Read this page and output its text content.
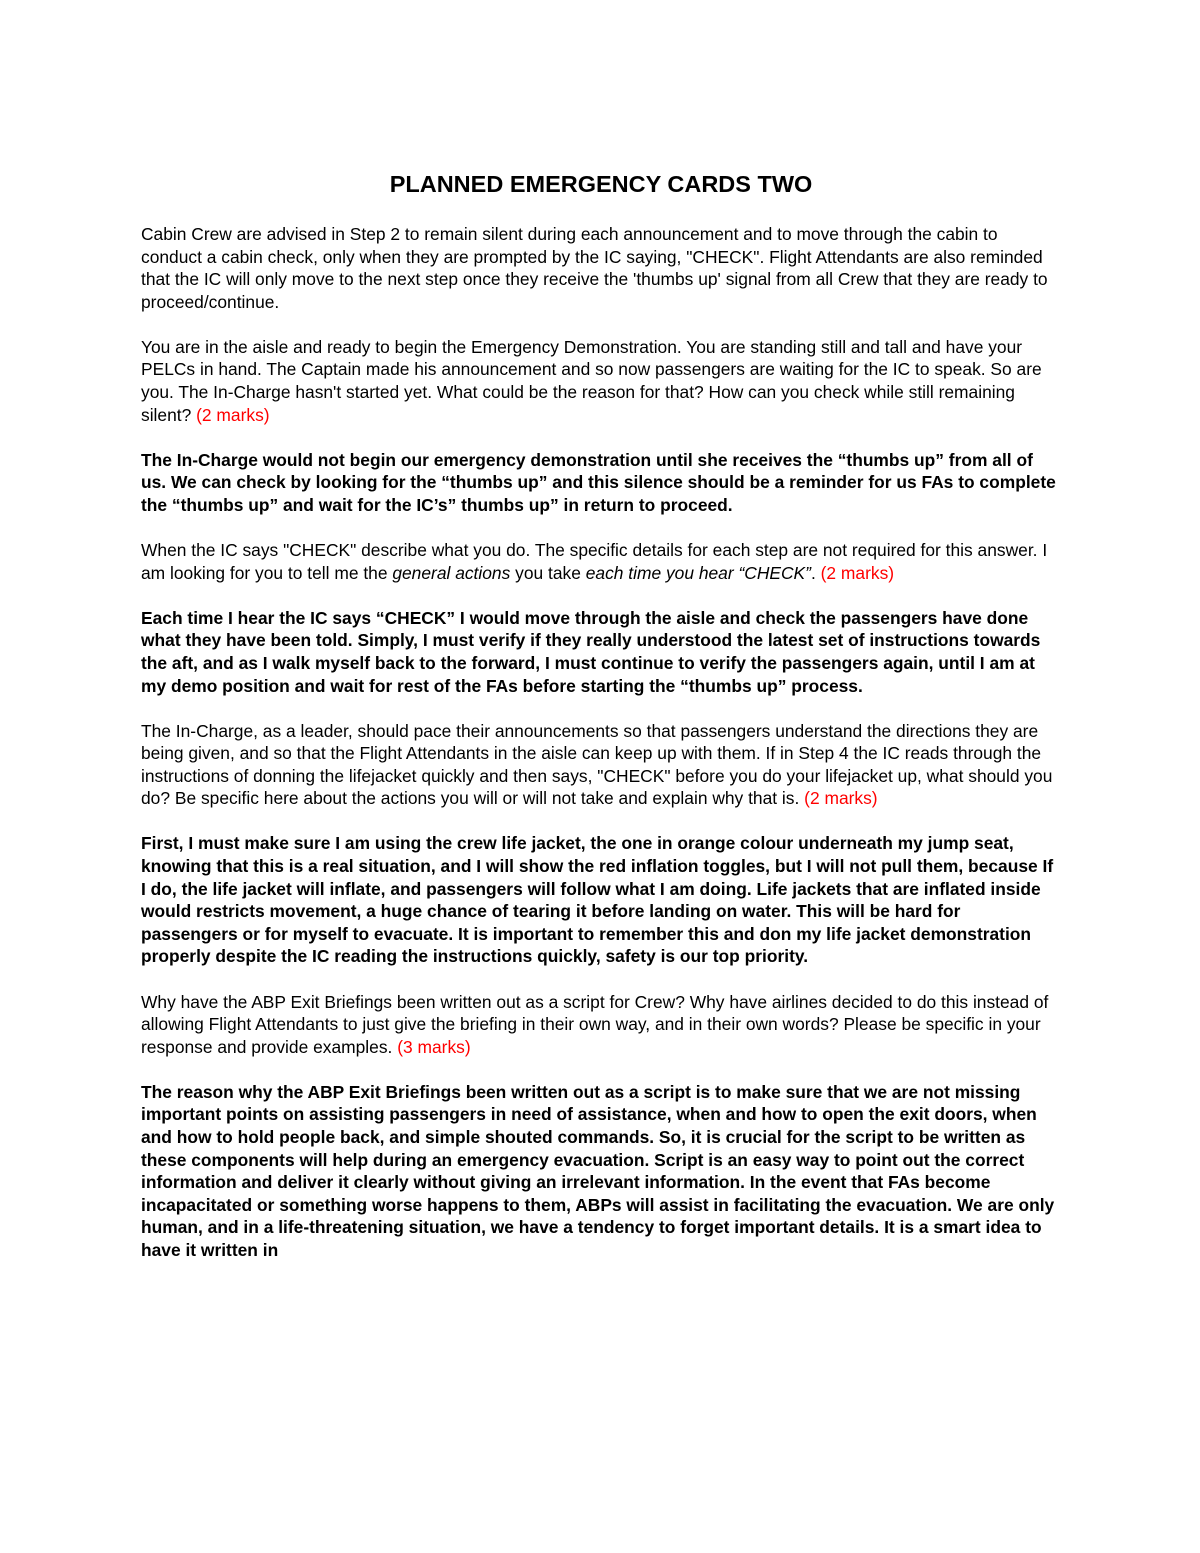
PLANNED EMERGENCY CARDS TWO

Cabin Crew are advised in Step 2 to remain silent during each announcement and to move through the cabin to conduct a cabin check, only when they are prompted by the IC saying, "CHECK". Flight Attendants are also reminded that the IC will only move to the next step once they receive the 'thumbs up' signal from all Crew that they are ready to proceed/continue.

You are in the aisle and ready to begin the Emergency Demonstration. You are standing still and tall and have your PELCs in hand. The Captain made his announcement and so now passengers are waiting for the IC to speak. So are you. The In-Charge hasn't started yet. What could be the reason for that? How can you check while still remaining silent? (2 marks)

The In-Charge would not begin our emergency demonstration until she receives the “thumbs up” from all of us. We can check by looking for the “thumbs up” and this silence should be a reminder for us FAs to complete the “thumbs up” and wait for the IC’s” thumbs up” in return to proceed.

When the IC says "CHECK" describe what you do. The specific details for each step are not required for this answer. I am looking for you to tell me the general actions you take each time you hear “CHECK”. (2 marks)

Each time I hear the IC says “CHECK” I would move through the aisle and check the passengers have done what they have been told. Simply, I must verify if they really understood the latest set of instructions towards the aft, and as I walk myself back to the forward, I must continue to verify the passengers again, until I am at my demo position and wait for rest of the FAs before starting the “thumbs up” process.

The In-Charge, as a leader, should pace their announcements so that passengers understand the directions they are being given, and so that the Flight Attendants in the aisle can keep up with them. If in Step 4 the IC reads through the instructions of donning the lifejacket quickly and then says, "CHECK" before you do your lifejacket up, what should you do? Be specific here about the actions you will or will not take and explain why that is. (2 marks)

First, I must make sure I am using the crew life jacket, the one in orange colour underneath my jump seat, knowing that this is a real situation, and I will show the red inflation toggles, but I will not pull them, because If I do, the life jacket will inflate, and passengers will follow what I am doing. Life jackets that are inflated inside would restricts movement, a huge chance of tearing it before landing on water. This will be hard for passengers or for myself to evacuate. It is important to remember this and don my life jacket demonstration properly despite the IC reading the instructions quickly, safety is our top priority.

Why have the ABP Exit Briefings been written out as a script for Crew? Why have airlines decided to do this instead of allowing Flight Attendants to just give the briefing in their own way, and in their own words? Please be specific in your response and provide examples. (3 marks)

The reason why the ABP Exit Briefings been written out as a script is to make sure that we are not missing important points on assisting passengers in need of assistance, when and how to open the exit doors, when and how to hold people back, and simple shouted commands. So, it is crucial for the script to be written as these components will help during an emergency evacuation. Script is an easy way to point out the correct information and deliver it clearly without giving an irrelevant information. In the event that FAs become incapacitated or something worse happens to them, ABPs will assist in facilitating the evacuation. We are only human, and in a life-threatening situation, we have a tendency to forget important details. It is a smart idea to have it written in
